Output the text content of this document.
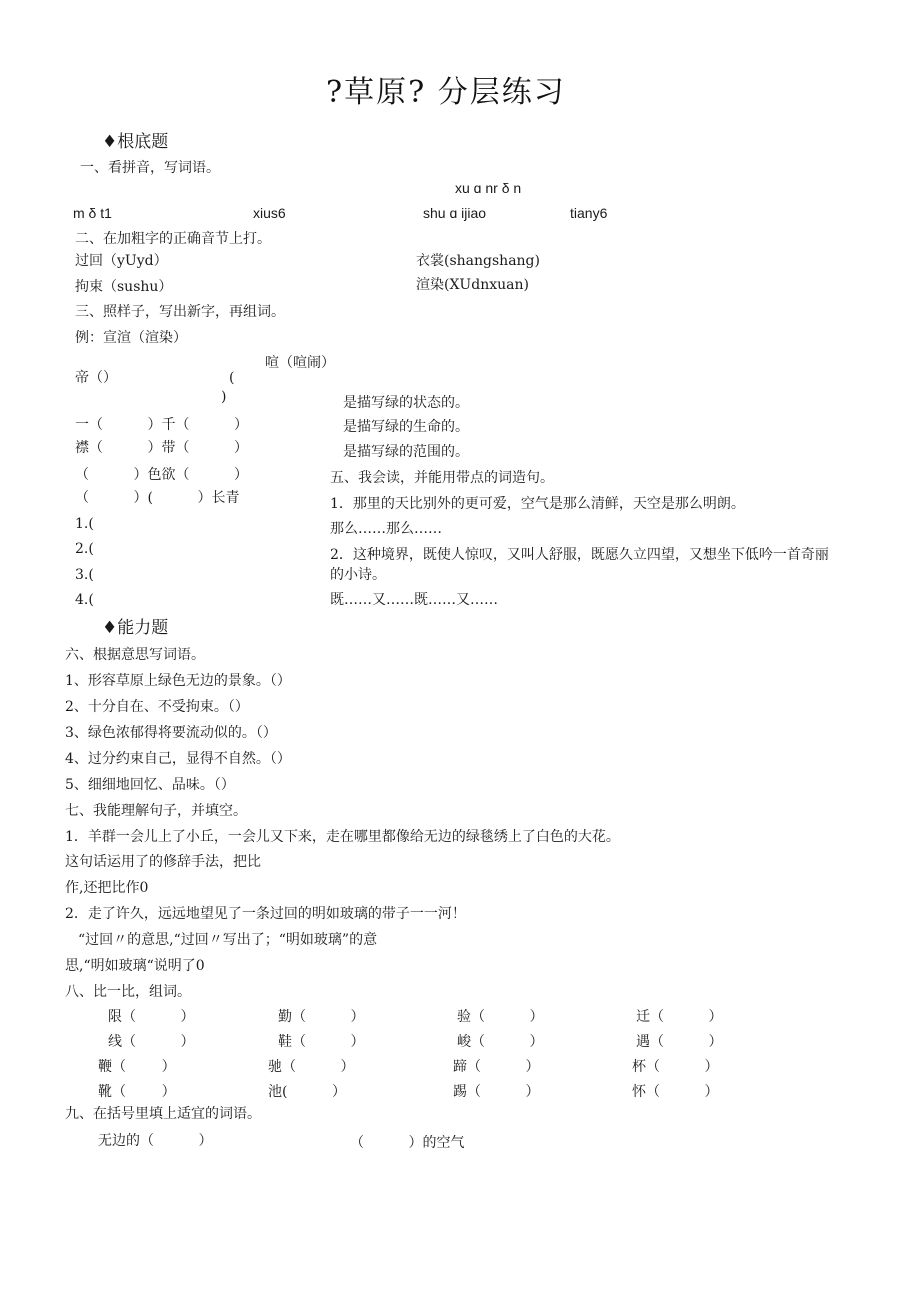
?草原? 分层练习
♦根底题
一、看拼音，写词语。
xu ɑ nr δ n
m δ t1	xius6	shu ɑ ijiao	tiany6
二、在加粗字的正确音节上打。
过回（yUyd）	衣裳(shangshang)
拘束（sushu）	渲染(XUdnxuan)
三、照样子，写出新字，再组词。
例：宣渲（渲染）
喧（喧闹）
帝（）	(
)	是描写绿的状态的。
是描写绿的生命的。
是描写绿的范围的。
一（          ）千（          ）
襟（          ）带（          ）
（          ）色欲（          ）
（          ）(          ）长青
1.(
2.(
3.(
4.(
五、我会读，并能用带点的词造句。
1．那里的天比别外的更可爱，空气是那么清鲜，天空是那么明朗。
那么……那么……
2．这种境界，既使人惊叹，又叫人舒服，既愿久立四望，又想坐下低吟一首奇丽
的小诗。
既……又……既……又……
♦能力题
六、根据意思写词语。
1、形容草原上绿色无边的景象。（）
2、十分自在、不受拘束。（）
3、绿色浓郁得将要流动似的。（）
4、过分约束自己，显得不自然。（）
5、细细地回忆、品味。（）
七、我能理解句子，并填空。
1．羊群一会儿上了小丘，一会儿又下来，走在哪里都像给无边的绿毯绣上了白色的大花。
这句话运用了的修辞手法，把比
作,还把比作0
2．走了许久，远远地望见了一条过回的明如玻璃的带子一一河！
“过回〃的意思,“过回〃写出了；“明如玻璃”的意
思,“明如玻璃“说明了0
八、比一比，组词。
限（          ）	勤（          ）	验（          ）	迁（          ）
线（          ）	鞋（          ）	峻（          ）	遇（          ）
鞭（        ）	驰（          ）	蹄（          ）	杯（          ）
靴（        ）	池(          ）	踢（          ）	怀（          ）
九、在括号里填上适宜的词语。
无边的（          ）	（          ）的空气
